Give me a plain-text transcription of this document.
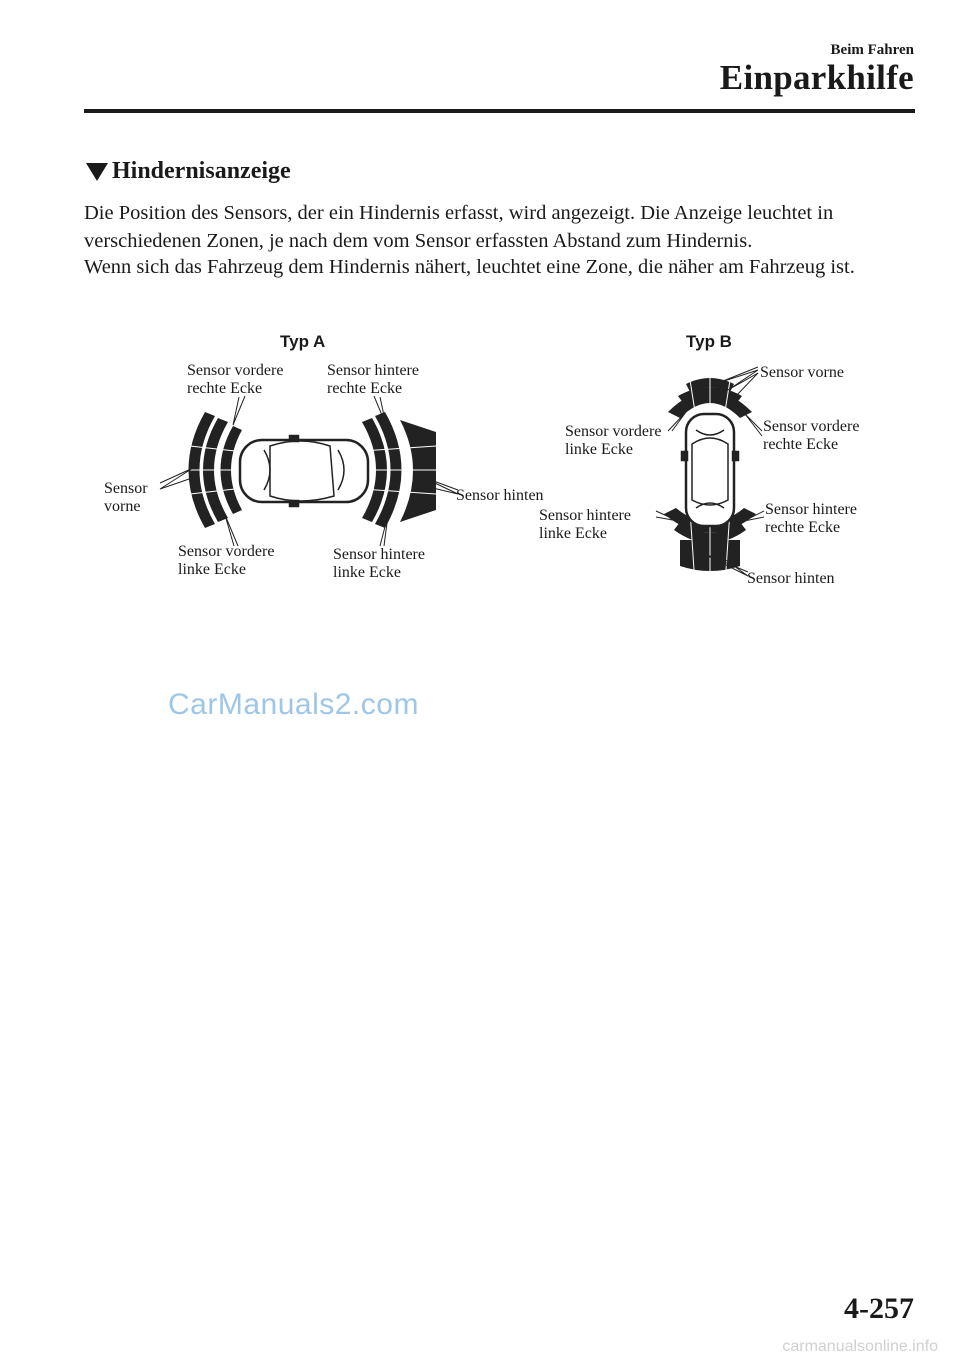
Beim Fahren
Einparkhilfe
Hindernisanzeige
Die Position des Sensors, der ein Hindernis erfasst, wird angezeigt. Die Anzeige leuchtet in verschiedenen Zonen, je nach dem vom Sensor erfassten Abstand zum Hindernis.
Wenn sich das Fahrzeug dem Hindernis nähert, leuchtet eine Zone, die näher am Fahrzeug ist.
Typ A
Sensor vordere rechte Ecke
Sensor hintere rechte Ecke
Sensor vorne
Sensor hinten
Sensor vordere linke Ecke
Sensor hintere linke Ecke
Typ B
Sensor vorne
Sensor vordere linke Ecke
Sensor vordere rechte Ecke
Sensor hintere linke Ecke
Sensor hintere rechte Ecke
Sensor hinten
CarManuals2.com
4-257
carmanualsonline.info
